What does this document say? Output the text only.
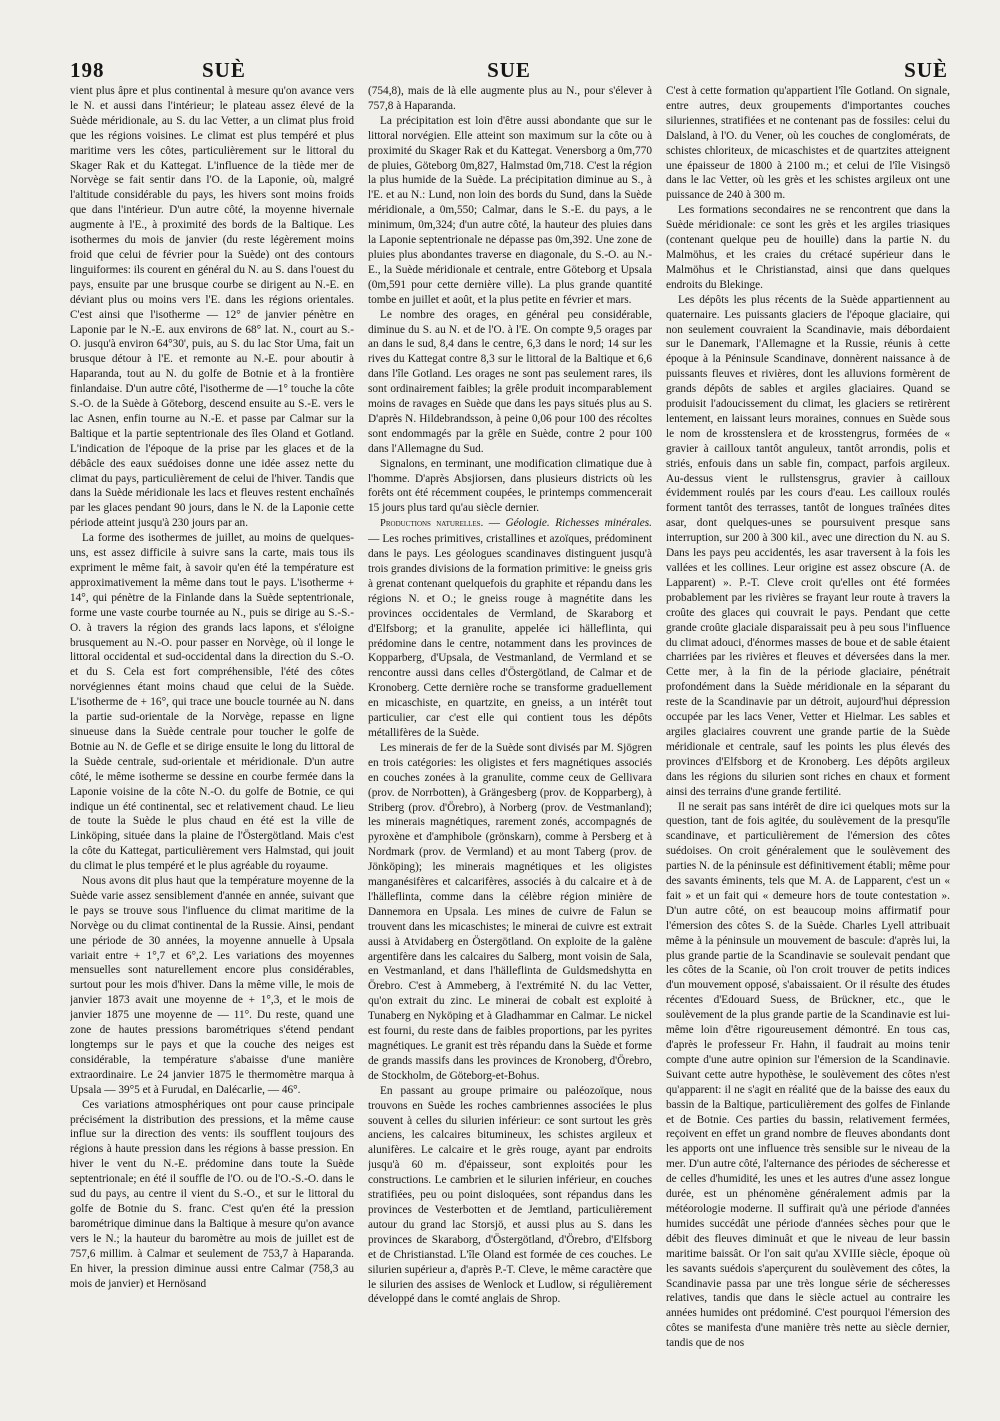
198	SUÈ	SUE	SUÈ

vient plus âpre et plus continental à mesure qu'on avance vers le N. et aussi dans l'intérieur; le plateau assez élevé de la Suède méridionale, au S. du lac Vetter, a un climat plus froid que les régions voisines. Le climat est plus tempéré et plus maritime vers les côtes, particulièrement sur le littoral du Skager Rak et du Kattegat. L'influence de la tiède mer de Norvège se fait sentir dans l'O. de la Laponie, où, malgré l'altitude considérable du pays, les hivers sont moins froids que dans l'intérieur. D'un autre côté, la moyenne hivernale augmente à l'E., à proximité des bords de la Baltique. Les isothermes du mois de janvier (du reste légèrement moins froid que celui de février pour la Suède) ont des contours linguiformes: ils courent en général du N. au S. dans l'ouest du pays, ensuite par une brusque courbe se dirigent au N.-E. en déviant plus ou moins vers l'E. dans les régions orientales. C'est ainsi que l'isotherme — 12° de janvier pénètre en Laponie par le N.-E. aux environs de 68° lat. N., court au S.-O. jusqu'à environ 64°30', puis, au S. du lac Stor Uma, fait un brusque détour à l'E. et remonte au N.-E. pour aboutir à Haparanda, tout au N. du golfe de Botnie et à la frontière finlandaise. D'un autre côté, l'isotherme de —1° touche la côte S.-O. de la Suède à Göteborg, descend ensuite au S.-E. vers le lac Asnen, enfin tourne au N.-E. et passe par Calmar sur la Baltique et la partie septentrionale des îles Oland et Gotland. L'indication de l'époque de la prise par les glaces et de la débâcle des eaux suédoises donne une idée assez nette du climat du pays, particulièrement de celui de l'hiver. Tandis que dans la Suède méridionale les lacs et fleuves restent enchaînés par les glaces pendant 90 jours, dans le N. de la Laponie cette période atteint jusqu'à 230 jours par an.

La forme des isothermes de juillet, au moins de quelques-uns, est assez difficile à suivre sans la carte, mais tous ils expriment le même fait, à savoir qu'en été la température est approximativement la même dans tout le pays. L'isotherme + 14°, qui pénètre de la Finlande dans la Suède septentrionale, forme une vaste courbe tournée au N., puis se dirige au S.-S.-O. à travers la région des grands lacs lapons, et s'éloigne brusquement au N.-O. pour passer en Norvège, où il longe le littoral occidental et sud-occidental dans la direction du S.-O. et du S. Cela est fort compréhensible, l'été des côtes norvégiennes étant moins chaud que celui de la Suède. L'isotherme de + 16°, qui trace une boucle tournée au N. dans la partie sud-orientale de la Norvège, repasse en ligne sinueuse dans la Suède centrale pour toucher le golfe de Botnie au N. de Gefle et se dirige ensuite le long du littoral de la Suède centrale, sud-orientale et méridionale. D'un autre côté, le même isotherme se dessine en courbe fermée dans la Laponie voisine de la côte N.-O. du golfe de Botnie, ce qui indique un été continental, sec et relativement chaud. Le lieu de toute la Suède le plus chaud en été est la ville de Linköping, située dans la plaine de l'Östergötland. Mais c'est la côte du Kattegat, particulièrement vers Halmstad, qui jouit du climat le plus tempéré et le plus agréable du royaume.

Nous avons dit plus haut que la température moyenne de la Suède varie assez sensiblement d'année en année, suivant que le pays se trouve sous l'influence du climat maritime de la Norvège ou du climat continental de la Russie. Ainsi, pendant une période de 30 années, la moyenne annuelle à Upsala variait entre + 1°,7 et 6°,2. Les variations des moyennes mensuelles sont naturellement encore plus considérables, surtout pour les mois d'hiver. Dans la même ville, le mois de janvier 1873 avait une moyenne de + 1°,3, et le mois de janvier 1875 une moyenne de — 11°. Du reste, quand une zone de hautes pressions barométriques s'étend pendant longtemps sur le pays et que la couche des neiges est considérable, la température s'abaisse d'une manière extraordinaire. Le 24 janvier 1875 le thermomètre marqua à Upsala — 39°5 et à Furudal, en Dalécarlie, — 46°.

Ces variations atmosphériques ont pour cause principale précisément la distribution des pressions, et la même cause influe sur la direction des vents: ils soufflent toujours des régions à haute pression dans les régions à basse pression. En hiver le vent du N.-E. prédomine dans toute la Suède septentrionale; en été il souffle de l'O. ou de l'O.-S.-O. dans le sud du pays, au centre il vient du S.-O., et sur le littoral du golfe de Botnie du S. franc. C'est qu'en été la pression barométrique diminue dans la Baltique à mesure qu'on avance vers le N.; la hauteur du baromètre au mois de juillet est de 757,6 millim. à Calmar et seulement de 753,7 à Haparanda. En hiver, la pression diminue aussi entre Calmar (758,3 au mois de janvier) et Hernösand

(754,8), mais de là elle augmente plus au N., pour s'élever à 757,8 à Haparanda.

La précipitation est loin d'être aussi abondante que sur le littoral norvégien. Elle atteint son maximum sur la côte ou à proximité du Skager Rak et du Kattegat. Venersborg a 0m,770 de pluies, Göteborg 0m,827, Halmstad 0m,718. C'est la région la plus humide de la Suède. La précipitation diminue au S., à l'E. et au N.: Lund, non loin des bords du Sund, dans la Suède méridionale, a 0m,550; Calmar, dans le S.-E. du pays, a le minimum, 0m,324; d'un autre côté, la hauteur des pluies dans la Laponie septentrionale ne dépasse pas 0m,392. Une zone de pluies plus abondantes traverse en diagonale, du S.-O. au N.-E., la Suède méridionale et centrale, entre Göteborg et Upsala (0m,591 pour cette dernière ville). La plus grande quantité tombe en juillet et août, et la plus petite en février et mars.

Le nombre des orages, en général peu considérable, diminue du S. au N. et de l'O. à l'E. On compte 9,5 orages par an dans le sud, 8,4 dans le centre, 6,3 dans le nord; 14 sur les rives du Kattegat contre 8,3 sur le littoral de la Baltique et 6,6 dans l'île Gotland. Les orages ne sont pas seulement rares, ils sont ordinairement faibles; la grêle produit incomparablement moins de ravages en Suède que dans les pays situés plus au S. D'après N. Hildebrandsson, à peine 0,06 pour 100 des récoltes sont endommagés par la grêle en Suède, contre 2 pour 100 dans l'Allemagne du Sud.

Signalons, en terminant, une modification climatique due à l'homme. D'après Absjiorsen, dans plusieurs districts où les forêts ont été récemment coupées, le printemps commencerait 15 jours plus tard qu'au siècle dernier.

Productions naturelles. — Géologie. Richesses minérales. — Les roches primitives, cristallines et azoïques, prédominent dans le pays. Les géologues scandinaves distinguent jusqu'à trois grandes divisions de la formation primitive: le gneiss gris à grenat contenant quelquefois du graphite et répandu dans les régions N. et O.; le gneiss rouge à magnétite dans les provinces occidentales de Vermland, de Skaraborg et d'Elfsborg; et la granulite, appelée ici hälleflinta, qui prédomine dans le centre, notamment dans les provinces de Kopparberg, d'Upsala, de Vestmanland, de Vermland et se rencontre aussi dans celles d'Östergötland, de Calmar et de Kronoberg. Cette dernière roche se transforme graduellement en micaschiste, en quartzite, en gneiss, a un intérêt tout particulier, car c'est elle qui contient tous les dépôts métallifères de la Suède.

Les minerais de fer de la Suède sont divisés par M. Sjögren en trois catégories: les oligistes et fers magnétiques associés en couches zonées à la granulite, comme ceux de Gellivara (prov. de Norrbotten), à Grängesberg (prov. de Kopparberg), à Striberg (prov. d'Örebro), à Norberg (prov. de Vestmanland); les minerais magnétiques, rarement zonés, accompagnés de pyroxène et d'amphibole (grönskarn), comme à Persberg et à Nordmark (prov. de Vermland) et au mont Taberg (prov. de Jönköping); les minerais magnétiques et les oligistes manganésifères et calcarifères, associés à du calcaire et à de l'hälleflinta, comme dans la célèbre région minière de Dannemora en Upsala. Les mines de cuivre de Falun se trouvent dans les micaschistes; le minerai de cuivre est extrait aussi à Atvidaberg en Östergötland. On exploite de la galène argentifère dans les calcaires du Salberg, mont voisin de Sala, en Vestmanland, et dans l'hälleflinta de Guldsmedshytta en Örebro. C'est à Ammeberg, à l'extrémité N. du lac Vetter, qu'on extrait du zinc. Le minerai de cobalt est exploité à Tunaberg en Nyköping et à Gladhammar en Calmar. Le nickel est fourni, du reste dans de faibles proportions, par les pyrites magnétiques. Le granit est très répandu dans la Suède et forme de grands massifs dans les provinces de Kronoberg, d'Örebro, de Stockholm, de Göteborg-et-Bohus.

En passant au groupe primaire ou paléozoïque, nous trouvons en Suède les roches cambriennes associées le plus souvent à celles du silurien inférieur: ce sont surtout les grès anciens, les calcaires bitumineux, les schistes argileux et alunifères. Le calcaire et le grès rouge, ayant par endroits jusqu'à 60 m. d'épaisseur, sont exploités pour les constructions. Le cambrien et le silurien inférieur, en couches stratifiées, peu ou point disloquées, sont répandus dans les provinces de Vesterbotten et de Jemtland, particulièrement autour du grand lac Storsjö, et aussi plus au S. dans les provinces de Skaraborg, d'Östergötland, d'Örebro, d'Elfsborg et de Christianstad. L'île Oland est formée de ces couches. Le silurien supérieur a, d'après P.-T. Cleve, le même caractère que le silurien des assises de Wenlock et Ludlow, si régulièrement développé dans le comté anglais de Shrop.

C'est à cette formation qu'appartient l'île Gotland. On signale, entre autres, deux groupements d'importantes couches siluriennes, stratifiées et ne contenant pas de fossiles: celui du Dalsland, à l'O. du Vener, où les couches de conglomérats, de schistes chloriteux, de micaschistes et de quartzites atteignent une épaisseur de 1800 à 2100 m.; et celui de l'île Visingsö dans le lac Vetter, où les grès et les schistes argileux ont une puissance de 240 à 300 m.

Les formations secondaires ne se rencontrent que dans la Suède méridionale: ce sont les grès et les argiles triasiques (contenant quelque peu de houille) dans la partie N. du Malmöhus, et les craies du crétacé supérieur dans le Malmöhus et le Christianstad, ainsi que dans quelques endroits du Blekinge.

Les dépôts les plus récents de la Suède appartiennent au quaternaire. Les puissants glaciers de l'époque glaciaire, qui non seulement couvraient la Scandinavie, mais débordaient sur le Danemark, l'Allemagne et la Russie, réunis à cette époque à la Péninsule Scandinave, donnèrent naissance à de puissants fleuves et rivières, dont les alluvions formèrent de grands dépôts de sables et argiles glaciaires. Quand se produisit l'adoucissement du climat, les glaciers se retirèrent lentement, en laissant leurs moraines, connues en Suède sous le nom de krosstenslera et de krosstengrus, formées de « gravier à cailloux tantôt anguleux, tantôt arrondis, polis et striés, enfouis dans un sable fin, compact, parfois argileux. Au-dessus vient le rullstensgrus, gravier à cailloux évidemment roulés par les cours d'eau. Les cailloux roulés forment tantôt des terrasses, tantôt de longues traînées dites asar, dont quelques-unes se poursuivent presque sans interruption, sur 200 à 300 kil., avec une direction du N. au S. Dans les pays peu accidentés, les asar traversent à la fois les vallées et les collines. Leur origine est assez obscure (A. de Lapparent) ». P.-T. Cleve croit qu'elles ont été formées probablement par les rivières se frayant leur route à travers la croûte des glaces qui couvrait le pays. Pendant que cette grande croûte glaciale disparaissait peu à peu sous l'influence du climat adouci, d'énormes masses de boue et de sable étaient charriées par les rivières et fleuves et déversées dans la mer. Cette mer, à la fin de la période glaciaire, pénétrait profondément dans la Suède méridionale en la séparant du reste de la Scandinavie par un détroit, aujourd'hui dépression occupée par les lacs Vener, Vetter et Hielmar. Les sables et argiles glaciaires couvrent une grande partie de la Suède méridionale et centrale, sauf les points les plus élevés des provinces d'Elfsborg et de Kronoberg. Les dépôts argileux dans les régions du silurien sont riches en chaux et forment ainsi des terrains d'une grande fertilité.

Il ne serait pas sans intérêt de dire ici quelques mots sur la question, tant de fois agitée, du soulèvement de la presqu'île scandinave, et particulièrement de l'émersion des côtes suédoises. On croit généralement que le soulèvement des parties N. de la péninsule est définitivement établi; même pour des savants éminents, tels que M. A. de Lapparent, c'est un « fait » et un fait qui « demeure hors de toute contestation ». D'un autre côté, on est beaucoup moins affirmatif pour l'émersion des côtes S. de la Suède. Charles Lyell attribuait même à la péninsule un mouvement de bascule: d'après lui, la plus grande partie de la Scandinavie se soulevait pendant que les côtes de la Scanie, où l'on croit trouver de petits indices d'un mouvement opposé, s'abaissaient. Or il résulte des études récentes d'Edouard Suess, de Brückner, etc., que le soulèvement de la plus grande partie de la Scandinavie est lui-même loin d'être rigoureusement démontré. En tous cas, d'après le professeur Fr. Hahn, il faudrait au moins tenir compte d'une autre opinion sur l'émersion de la Scandinavie. Suivant cette autre hypothèse, le soulèvement des côtes n'est qu'apparent: il ne s'agit en réalité que de la baisse des eaux du bassin de la Baltique, particulièrement des golfes de Finlande et de Botnie. Ces parties du bassin, relativement fermées, reçoivent en effet un grand nombre de fleuves abondants dont les apports ont une influence très sensible sur le niveau de la mer. D'un autre côté, l'alternance des périodes de sécheresse et de celles d'humidité, les unes et les autres d'une assez longue durée, est un phénomène généralement admis par la météorologie moderne. Il suffirait qu'à une période d'années humides succédât une période d'années sèches pour que le débit des fleuves diminuât et que le niveau de leur bassin maritime baissât. Or l'on sait qu'au XVIIIe siècle, époque où les savants suédois s'aperçurent du soulèvement des côtes, la Scandinavie passa par une très longue série de sécheresses relatives, tandis que dans le siècle actuel au contraire les années humides ont prédominé. C'est pourquoi l'émersion des côtes se manifesta d'une manière très nette au siècle dernier, tandis que de nos
